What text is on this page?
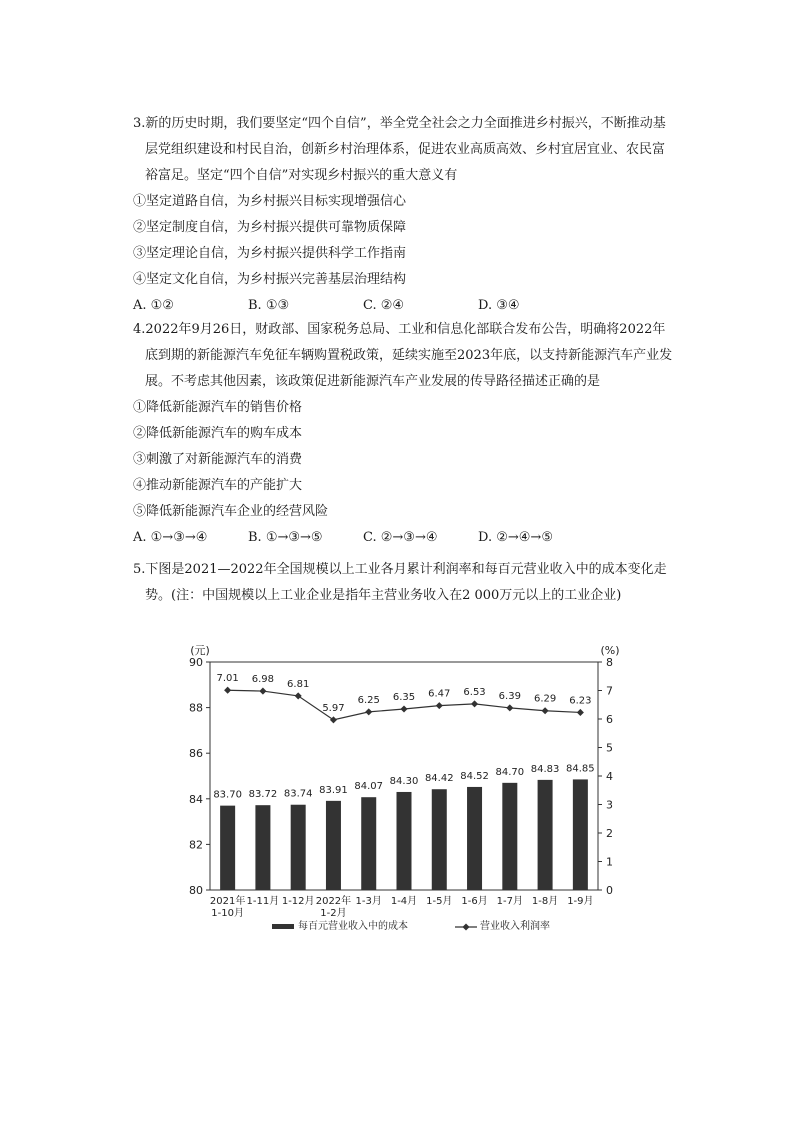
3.新的历史时期，我们要坚定“四个自信”，举全党全社会之力全面推进乡村振兴，不断推动基层党组织建设和村民自治，创新乡村治理体系，促进农业高质高效、乡村宜居宜业、农民富裕富足。坚定“四个自信”对实现乡村振兴的重大意义有

①坚定道路自信，为乡村振兴目标实现增强信心

②坚定制度自信，为乡村振兴提供可靠物质保障

③坚定理论自信，为乡村振兴提供科学工作指南

④坚定文化自信，为乡村振兴完善基层治理结构

A. ①②	B. ①③	C. ②④	D. ③④

4.2022年9月26日，财政部、国家税务总局、工业和信息化部联合发布公告，明确将2022年底到期的新能源汽车免征车辆购置税政策，延续实施至2023年底，以支持新能源汽车产业发展。不考虑其他因素，该政策促进新能源汽车产业发展的传导路径描述正确的是

①降低新能源汽车的销售价格

②降低新能源汽车的购车成本

③刺激了对新能源汽车的消费

④推动新能源汽车的产能扩大

⑤降低新能源汽车企业的经营风险

A. ①→③→④	B. ①→③→⑤	C. ②→③→④	D. ②→④→⑤

5.下图是2021—2022年全国规模以上工业各月累计利润率和每百元营业收入中的成本变化走势。(注：中国规模以上工业企业是指年主营业务收入在2 000万元以上的工业企业)

90
88
86
84
82
80
8
7
6
5
4
3
2
1
0
(元)	(%)
83.70 83.72 83.74 83.91 84.07 84.30 84.42 84.52 84.70 84.83 84.85
7.01 6.98 6.81
5.97
6.25 6.35 6.47 6.53 6.39 6.29 6.23
2021年
1-10月
1-11月 1-12月 2022年
1-2月
1-3月 1-4月 1-5月 1-6月 1-7月 1-8月 1-9月
每百元营业收入中的成本	营业收入利润率
